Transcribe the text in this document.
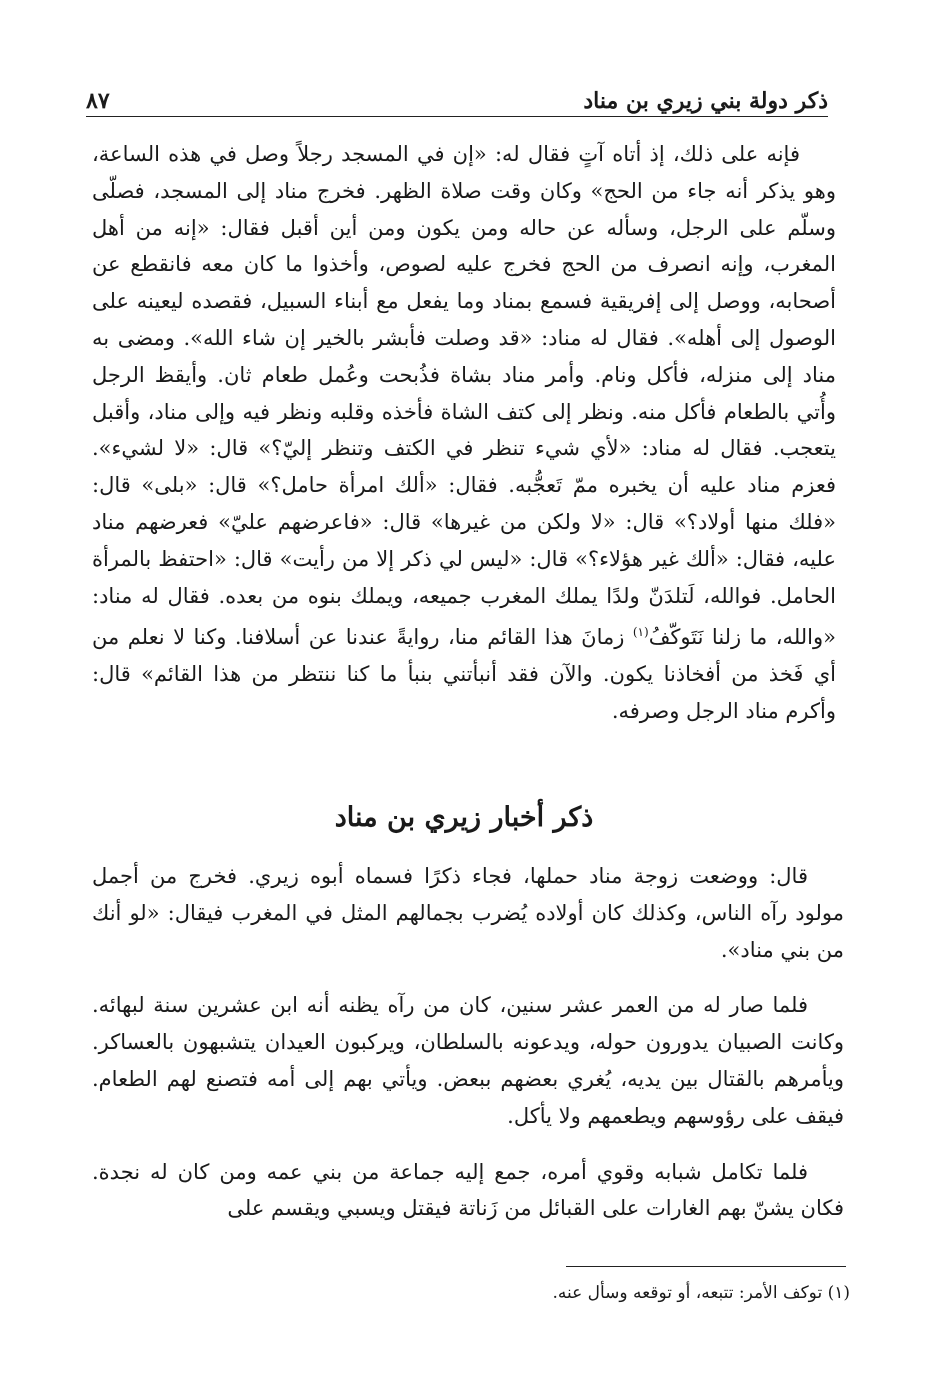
ذكر دولة بني زيري بن مناد
٨٧

فإنه على ذلك، إذ أتاه آتٍ فقال له: «إن في المسجد رجلاً وصل في هذه الساعة، وهو يذكر أنه جاء من الحج» وكان وقت صلاة الظهر. فخرج مناد إلى المسجد، فصلّى وسلّم على الرجل، وسأله عن حاله ومن يكون ومن أين أقبل فقال: «إنه من أهل المغرب، وإنه انصرف من الحج فخرج عليه لصوص، وأخذوا ما كان معه فانقطع عن أصحابه، ووصل إلى إفريقية فسمع بمناد وما يفعل مع أبناء السبيل، فقصده ليعينه على الوصول إلى أهله». فقال له مناد: «قد وصلت فأبشر بالخير إن شاء الله». ومضى به مناد إلى منزله، فأكل ونام. وأمر مناد بشاة فذُبحت وعُمل طعام ثان. وأيقظ الرجل وأُتي بالطعام فأكل منه. ونظر إلى كتف الشاة فأخذه وقلبه ونظر فيه وإلى مناد، وأقبل يتعجب. فقال له مناد: «لأي شيء تنظر في الكتف وتنظر إليّ؟» قال: «لا لشيء». فعزم مناد عليه أن يخبره ممّ تَعجُّبه. فقال: «ألك امرأة حامل؟» قال: «بلى» قال: «فلك منها أولاد؟» قال: «لا ولكن من غيرها» قال: «فاعرضهم عليّ» فعرضهم مناد عليه، فقال: «ألك غير هؤلاء؟» قال: «ليس لي ذكر إلا من رأيت» قال: «احتفظ بالمرأة الحامل. فوالله، لَتلدَنّ ولدًا يملك المغرب جميعه، ويملك بنوه من بعده. فقال له مناد: «والله، ما زلنا نَتَوكّفُ$^{(١)}$ زمانَ هذا القائم منا، روايةً عندنا عن أسلافنا. وكنا لا نعلم من أي فَخذ من أفخاذنا يكون. والآن فقد أنبأتني بنبأ ما كنا ننتظر من هذا القائم» قال: وأكرم مناد الرجل وصرفه.

ذكر أخبار زيري بن مناد

قال: ووضعت زوجة مناد حملها، فجاء ذكرًا فسماه أبوه زيري. فخرج من أجمل مولود رآه الناس، وكذلك كان أولاده يُضرب بجمالهم المثل في المغرب فيقال: «لو أنك من بني مناد».

فلما صار له من العمر عشر سنين، كان من رآه يظنه أنه ابن عشرين سنة لبهائه. وكانت الصبيان يدورون حوله، ويدعونه بالسلطان، ويركبون العيدان يتشبهون بالعساكر. ويأمرهم بالقتال بين يديه، يُغري بعضهم ببعض. ويأتي بهم إلى أمه فتصنع لهم الطعام. فيقف على رؤوسهم ويطعمهم ولا يأكل.

فلما تكامل شبابه وقوي أمره، جمع إليه جماعة من بني عمه ومن كان له نجدة. فكان يشنّ بهم الغارات على القبائل من زَناتة فيقتل ويسبي ويقسم على

(١) توكف الأمر: تتبعه، أو توقعه وسأل عنه.
